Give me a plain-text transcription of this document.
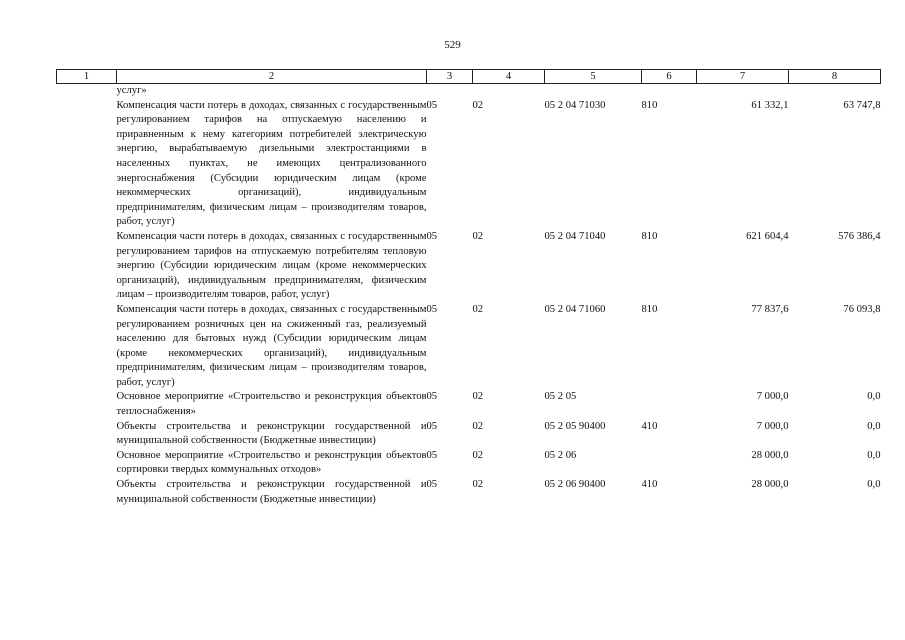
529
1	2	3	4	5	6	7	8
	услуг»						
	Компенсация части потерь в доходах, связанных с государственным регулированием тарифов на отпускаемую населению и приравненным к нему категориям потребителей электрическую энергию, вырабатываемую дизельными электростанциями в населенных пунктах, не имеющих централизованного энергоснабжения (Субсидии юридическим лицам (кроме некоммерческих организаций), индивидуальным предпринимателям, физическим лицам – производителям товаров, работ, услуг)	05	02	05 2 04 71030	810	61 332,1	63 747,8
	Компенсация части потерь в доходах, связанных с государственным регулированием тарифов на отпускаемую потребителям тепловую энергию (Субсидии юридическим лицам (кроме некоммерческих организаций), индивидуальным предпринимателям, физическим лицам – производителям товаров, работ, услуг)	05	02	05 2 04 71040	810	621 604,4	576 386,4
	Компенсация части потерь в доходах, связанных с государственным регулированием розничных цен на сжиженный газ, реализуемый населению для бытовых нужд (Субсидии юридическим лицам (кроме некоммерческих организаций), индивидуальным предпринимателям, физическим лицам – производителям товаров, работ, услуг)	05	02	05 2 04 71060	810	77 837,6	76 093,8
	Основное мероприятие «Строительство и реконструкция объектов теплоснабжения»	05	02	05 2 05		7 000,0	0,0
	Объекты строительства и реконструкции государственной и муниципальной собственности (Бюджетные инвестиции)	05	02	05 2 05 90400	410	7 000,0	0,0
	Основное мероприятие «Строительство и реконструкция объектов сортировки твердых коммунальных отходов»	05	02	05 2 06		28 000,0	0,0
	Объекты строительства и реконструкции государственной и муниципальной собственности (Бюджетные инвестиции)	05	02	05 2 06 90400	410	28 000,0	0,0
